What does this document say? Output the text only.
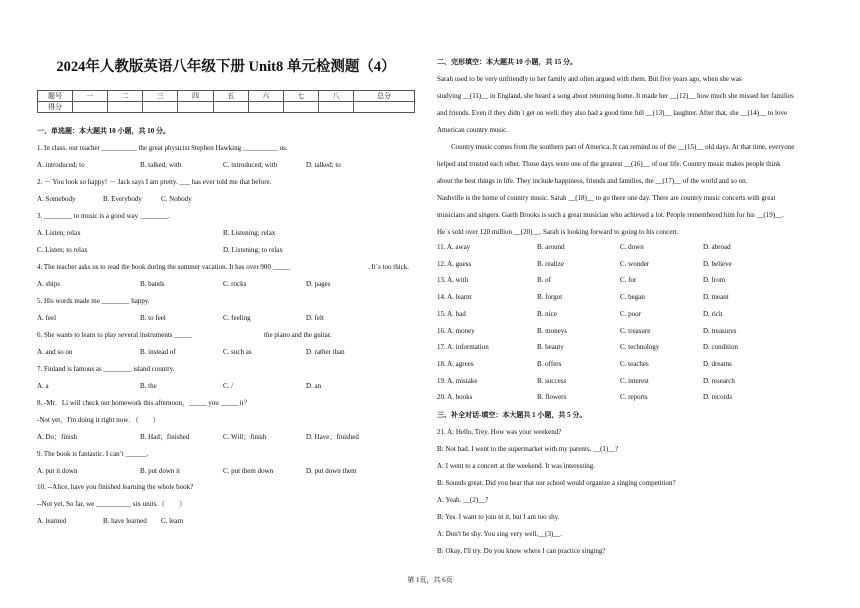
2024年人教版英语八年级下册 Unit8 单元检测题（4）
题号	一	二	三	四	五	六	七	八	总分
得分									
一、单选题：本大题共 10 小题，共 10 分。
1. In class, our teacher __________ the great physicist Stephen Hawking __________ us.
A. introduced; to	B. talked; with	C. introduced; with	D. talked; to
2. － You look so happy! － Jack says I am pretty. ___ has ever told me that before.
A. Somebody	B. Everybody	C. Nobody
3. ________ to music is a good way ________.
A. Listen; relax	B. Listening; relax
C. Listen; to relax	D. Listening; to relax
4. The teacher asks us to read the book during the summer vacation. It has over 900 _____	. It`s too thick.
A. ships	B. bands	C. rocks	D. pages
5. His words made me ________ happy.
A. feel	B. to feel	C. feeling	D. felt
6. She wants to learn to play several instruments _____	the piano and the guitar.
A. and so on	B. instead of	C. such as	D. rather than
7. Finland is famous as ________ island country.
A. a	B. the	C. /	D. an
8. -Mr．Li will check our homework this afternoon，_____ you _____ it？
-Not yet，I'm doing it right now．（　　）
A. Do；finish	B. Had；finished	C. Will；finish	D. Have；finished
9. The book is fantastic. I can’t ______.
A. put it down	B. put down it	C. put them down	D. put down them
10. --Alice, have you finished learning the whole book?
--Not yet, So far, we __________ six units.（　　）
A. learned	B. have learned C. learn
二、完形填空：本大题共 10 小题，共 15 分。
Sarah used to be very unfriendly to her family and often argued with them. But five years ago, when she was
studying __(11)__ in England, she heard a song about returning home. It made her __(12)__ how much she missed her families
and friends. Even if they didn`t get on well, they also had a good time full __(13)__ laughter. After that, she __(14)__ to love
American country music.
　　Country music comes from the southern part of America. It can remind us of the __(15)__ old days. At that time, everyone
helped and trusted each other. Those days were one of the greatest __(16)__ of our life. Country music makes people think
about the best things in life. They include happiness, friends and families, the __(17)__ of the world and so on.
Nashville is the home of country music. Sarah __(18)__ to go there one day. There are country music concerts with great
musicians and singers. Garth Brooks is such a great musician who achieved a lot. People remembered him for his __(19)__.
He`s sold over 120 million __(20)__. Sarah is looking forward to going to his concert.
11. A. away	B. around	C. down	D. abroad
12. A. guess	B. realize	C. wonder	D. believe
13. A. with	B. of	C. for	D. from
14. A. learnt	B. forgot	C. began	D. meant
15. A. bad	B. nice	C. poor	D. rich
16. A. money	B. moneys	C. treasure	D. treasures
17. A. information	B. beauty	C. technology	D. condition
18. A. agrees	B. offers	C. teaches	D. dreams
19. A. mistake	B. success	C. interest	D. research
20. A. books	B. flowers	C. reports	D. records
三、补全对话-填空：本大题共 1 小题，共 5 分。
21. A: Hello, Trey. How was your weekend?
B: Not bad. I went to the supermarket with my parents. __(1)__?
A: I went to a concert at the weekend. It was interesting.
B: Sounds great. Did you hear that our school would organize a singing competition?
A: Yeah. __(2)__?
B: Yes. I want to join in it, but I am too shy.
A: Don't be shy. You sing very well.__(3)__.
B: Okay, I'll try. Do you know where I can practice singing?
第 1页，共 6页
